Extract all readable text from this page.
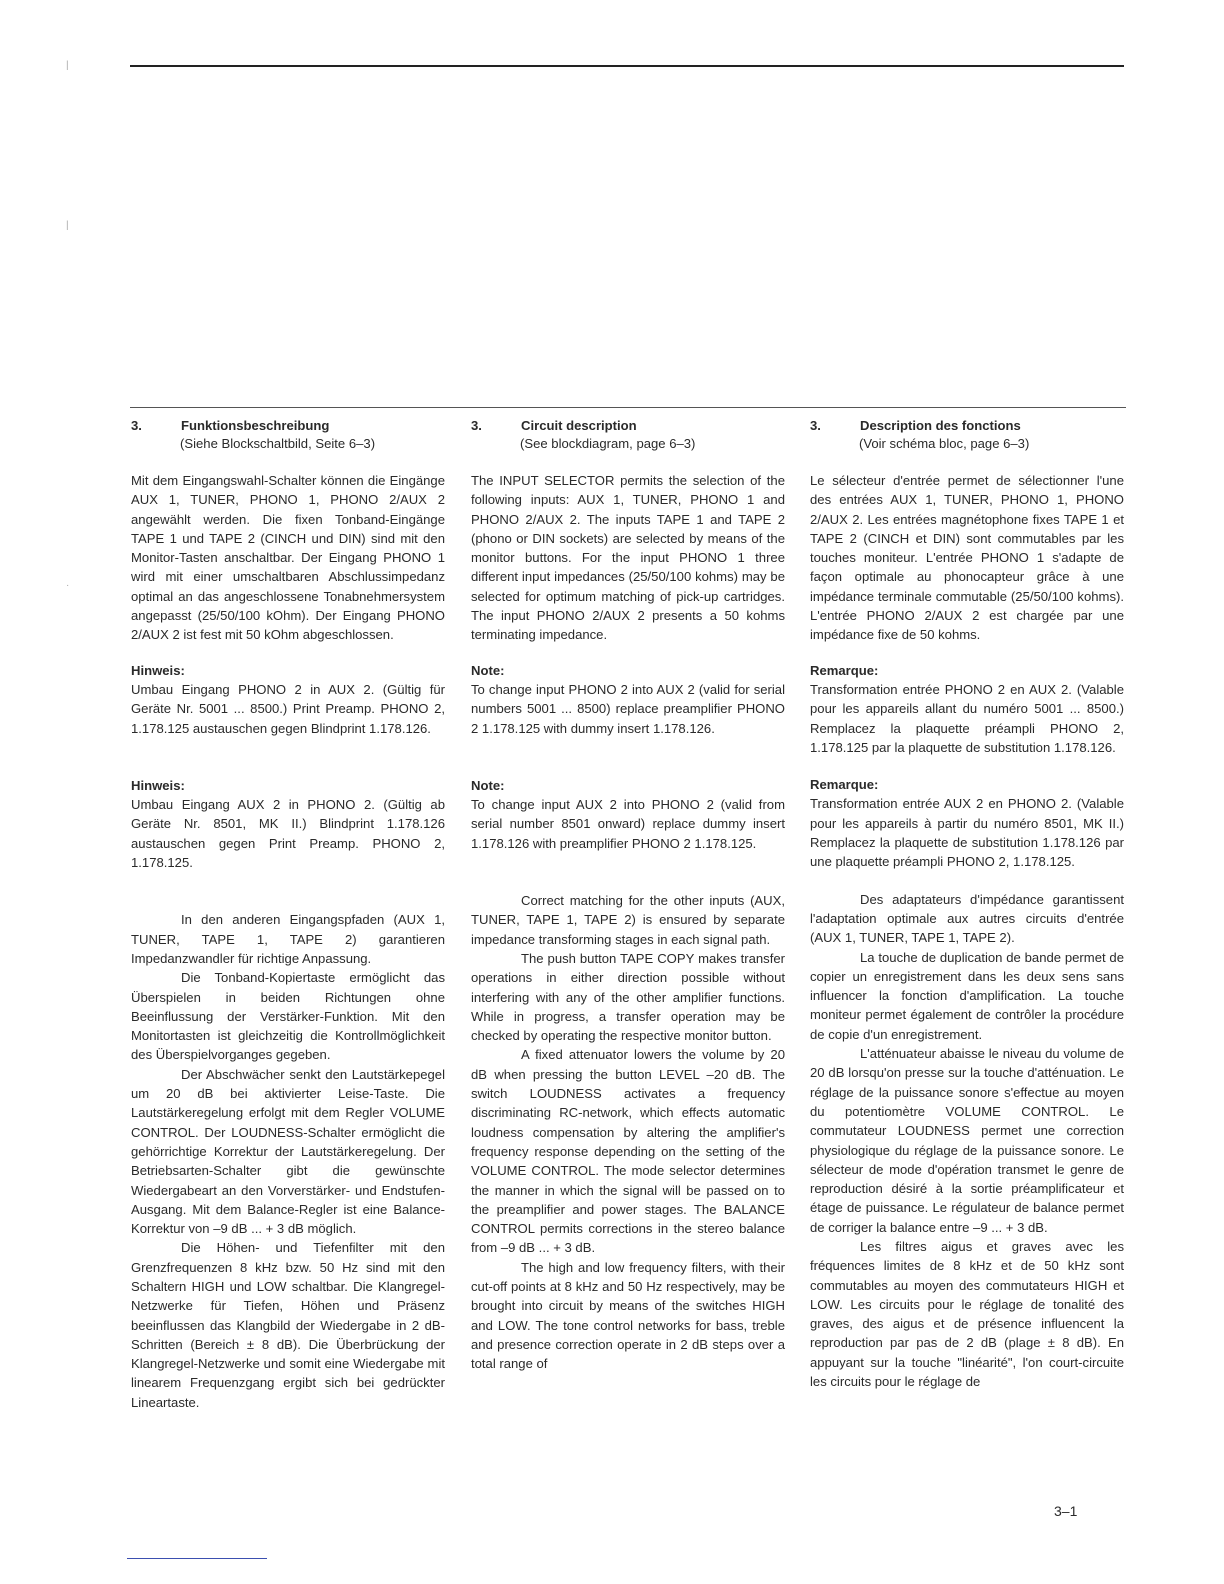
|
|
·
3.	Funktionsbeschreibung
(Siehe Blockschaltbild, Seite 6–3)

Mit dem Eingangswahl-Schalter können die Eingänge AUX 1, TUNER, PHONO 1, PHONO 2/AUX 2 angewählt werden. Die fixen Tonband-Eingänge TAPE 1 und TAPE 2 (CINCH und DIN) sind mit den Monitor-Tasten anschaltbar. Der Eingang PHONO 1 wird mit einer umschaltbaren Abschlussimpedanz optimal an das angeschlossene Tonabnehmersystem angepasst (25/50/100 kOhm). Der Eingang PHONO 2/AUX 2 ist fest mit 50 kOhm abgeschlossen.

Hinweis:

Umbau Eingang PHONO 2 in AUX 2. (Gültig für Geräte Nr. 5001 ... 8500.) Print Preamp. PHONO 2, 1.178.125 austauschen gegen Blindprint 1.178.126.

Hinweis:

Umbau Eingang AUX 2 in PHONO 2. (Gültig ab Geräte Nr. 8501, MK II.) Blindprint 1.178.126 austauschen gegen Print Preamp. PHONO 2, 1.178.125.

In den anderen Eingangspfaden (AUX 1, TUNER, TAPE 1, TAPE 2) garantieren Impedanzwandler für richtige Anpassung.

Die Tonband-Kopiertaste ermöglicht das Überspielen in beiden Richtungen ohne Beeinflussung der Verstärker-Funktion. Mit den Monitortasten ist gleichzeitig die Kontrollmöglichkeit des Überspielvorganges gegeben.

Der Abschwächer senkt den Lautstärkepegel um 20 dB bei aktivierter Leise-Taste. Die Lautstärkeregelung erfolgt mit dem Regler VOLUME CONTROL. Der LOUDNESS-Schalter ermöglicht die gehörrichtige Korrektur der Lautstärkeregelung. Der Betriebsarten-Schalter gibt die gewünschte Wiedergabeart an den Vorverstärker- und Endstufen-Ausgang. Mit dem Balance-Regler ist eine Balance-Korrektur von –9 dB ... + 3 dB möglich.

Die Höhen- und Tiefenfilter mit den Grenzfrequenzen 8 kHz bzw. 50 Hz sind mit den Schaltern HIGH und LOW schaltbar. Die Klangregel-Netzwerke für Tiefen, Höhen und Präsenz beeinflussen das Klangbild der Wiedergabe in 2 dB-Schritten (Bereich ± 8 dB). Die Überbrückung der Klangregel-Netzwerke und somit eine Wiedergabe mit linearem Frequenzgang ergibt sich bei gedrückter Lineartaste.

3.	Circuit description
(See blockdiagram, page 6–3)

The INPUT SELECTOR permits the selection of the following inputs: AUX 1, TUNER, PHONO 1 and PHONO 2/AUX 2. The inputs TAPE 1 and TAPE 2 (phono or DIN sockets) are selected by means of the monitor buttons. For the input PHONO 1 three different input impedances (25/50/100 kohms) may be selected for optimum matching of pick-up cartridges. The input PHONO 2/AUX 2 presents a 50 kohms terminating impedance.

Note:

To change input PHONO 2 into AUX 2 (valid for serial numbers 5001 ... 8500) replace preamplifier PHONO 2 1.178.125 with dummy insert 1.178.126.

Note:

To change input AUX 2 into PHONO 2 (valid from serial number 8501 onward) replace dummy insert 1.178.126 with preamplifier PHONO 2 1.178.125.

Correct matching for the other inputs (AUX, TUNER, TAPE 1, TAPE 2) is ensured by separate impedance transforming stages in each signal path.

The push button TAPE COPY makes transfer operations in either direction possible without interfering with any of the other amplifier functions. While in progress, a transfer operation may be checked by operating the respective monitor button.

A fixed attenuator lowers the volume by 20 dB when pressing the button LEVEL –20 dB. The switch LOUDNESS activates a frequency discriminating RC-network, which effects automatic loudness compensation by altering the amplifier's frequency response depending on the setting of the VOLUME CONTROL. The mode selector determines the manner in which the signal will be passed on to the preamplifier and power stages. The BALANCE CONTROL permits corrections in the stereo balance from –9 dB ... + 3 dB.

The high and low frequency filters, with their cut-off points at 8 kHz and 50 Hz respectively, may be brought into circuit by means of the switches HIGH and LOW. The tone control networks for bass, treble and presence correction operate in 2 dB steps over a total range of

3.	Description des fonctions
(Voir schéma bloc, page 6–3)

Le sélecteur d'entrée permet de sélectionner l'une des entrées AUX 1, TUNER, PHONO 1, PHONO 2/AUX 2. Les entrées magnétophone fixes TAPE 1 et TAPE 2 (CINCH et DIN) sont commutables par les touches moniteur. L'entrée PHONO 1 s'adapte de façon optimale au phonocapteur grâce à une impédance terminale commutable (25/50/100 kohms). L'entrée PHONO 2/AUX 2 est chargée par une impédance fixe de 50 kohms.

Remarque:

Transformation entrée PHONO 2 en AUX 2. (Valable pour les appareils allant du numéro 5001 ... 8500.) Remplacez la plaquette préampli PHONO 2, 1.178.125 par la plaquette de substitution 1.178.126.

Remarque:

Transformation entrée AUX 2 en PHONO 2. (Valable pour les appareils à partir du numéro 8501, MK II.) Remplacez la plaquette de substitution 1.178.126 par une plaquette préampli PHONO 2, 1.178.125.

Des adaptateurs d'impédance garantissent l'adaptation optimale aux autres circuits d'entrée (AUX 1, TUNER, TAPE 1, TAPE 2).

La touche de duplication de bande permet de copier un enregistrement dans les deux sens sans influencer la fonction d'amplification. La touche moniteur permet également de contrôler la procédure de copie d'un enregistrement.

L'atténuateur abaisse le niveau du volume de 20 dB lorsqu'on presse sur la touche d'atténuation. Le réglage de la puissance sonore s'effectue au moyen du potentiomètre VOLUME CONTROL. Le commutateur LOUDNESS permet une correction physiologique du réglage de la puissance sonore. Le sélecteur de mode d'opération transmet le genre de reproduction désiré à la sortie préamplificateur et étage de puissance. Le régulateur de balance permet de corriger la balance entre –9 ... + 3 dB.

Les filtres aigus et graves avec les fréquences limites de 8 kHz et de 50 kHz sont commutables au moyen des commutateurs HIGH et LOW. Les circuits pour le réglage de tonalité des graves, des aigus et de présence influencent la reproduction par pas de 2 dB (plage ± 8 dB). En appuyant sur la touche "linéarité", l'on court-circuite les circuits pour le réglage de

3–1
